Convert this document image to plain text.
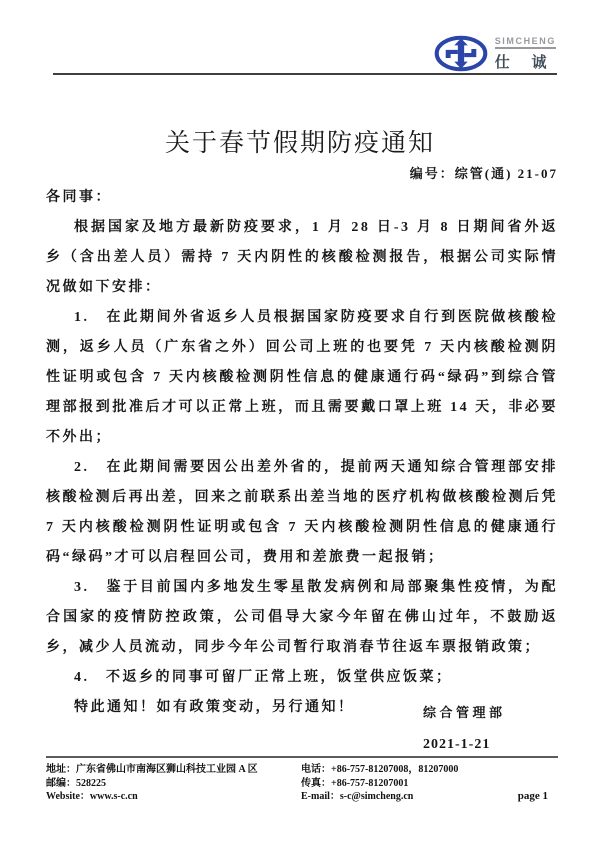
SIMCHENG
仕 诚
关于春节假期防疫通知
编号：综管(通) 21-07

各同事：

根据国家及地方最新防疫要求，1 月 28 日-3 月 8 日期间省外返乡（含出差人员）需持 7 天内阴性的核酸检测报告，根据公司实际情况做如下安排：

1.　在此期间外省返乡人员根据国家防疫要求自行到医院做核酸检测，返乡人员（广东省之外）回公司上班的也要凭 7 天内核酸检测阴性证明或包含 7 天内核酸检测阴性信息的健康通行码“绿码”到综合管理部报到批准后才可以正常上班，而且需要戴口罩上班 14 天，非必要不外出；

2.　在此期间需要因公出差外省的，提前两天通知综合管理部安排核酸检测后再出差，回来之前联系出差当地的医疗机构做核酸检测后凭 7 天内核酸检测阴性证明或包含 7 天内核酸检测阴性信息的健康通行码“绿码”才可以启程回公司，费用和差旅费一起报销；

3.　鉴于目前国内多地发生零星散发病例和局部聚集性疫情，为配合国家的疫情防控政策，公司倡导大家今年留在佛山过年，不鼓励返乡，减少人员流动，同步今年公司暂行取消春节往返车票报销政策；

4.　不返乡的同事可留厂正常上班，饭堂供应饭菜；

特此通知！如有政策变动，另行通知！	综合管理部
2021-1-21
地址：广东省佛山市南海区狮山科技工业园 A 区
邮编：528225
Website：www.s-c.cn
电话：+86-757-81207008，81207000
传真：+86-757-81207001
E-mail：s-c@simcheng.cn	page 1
